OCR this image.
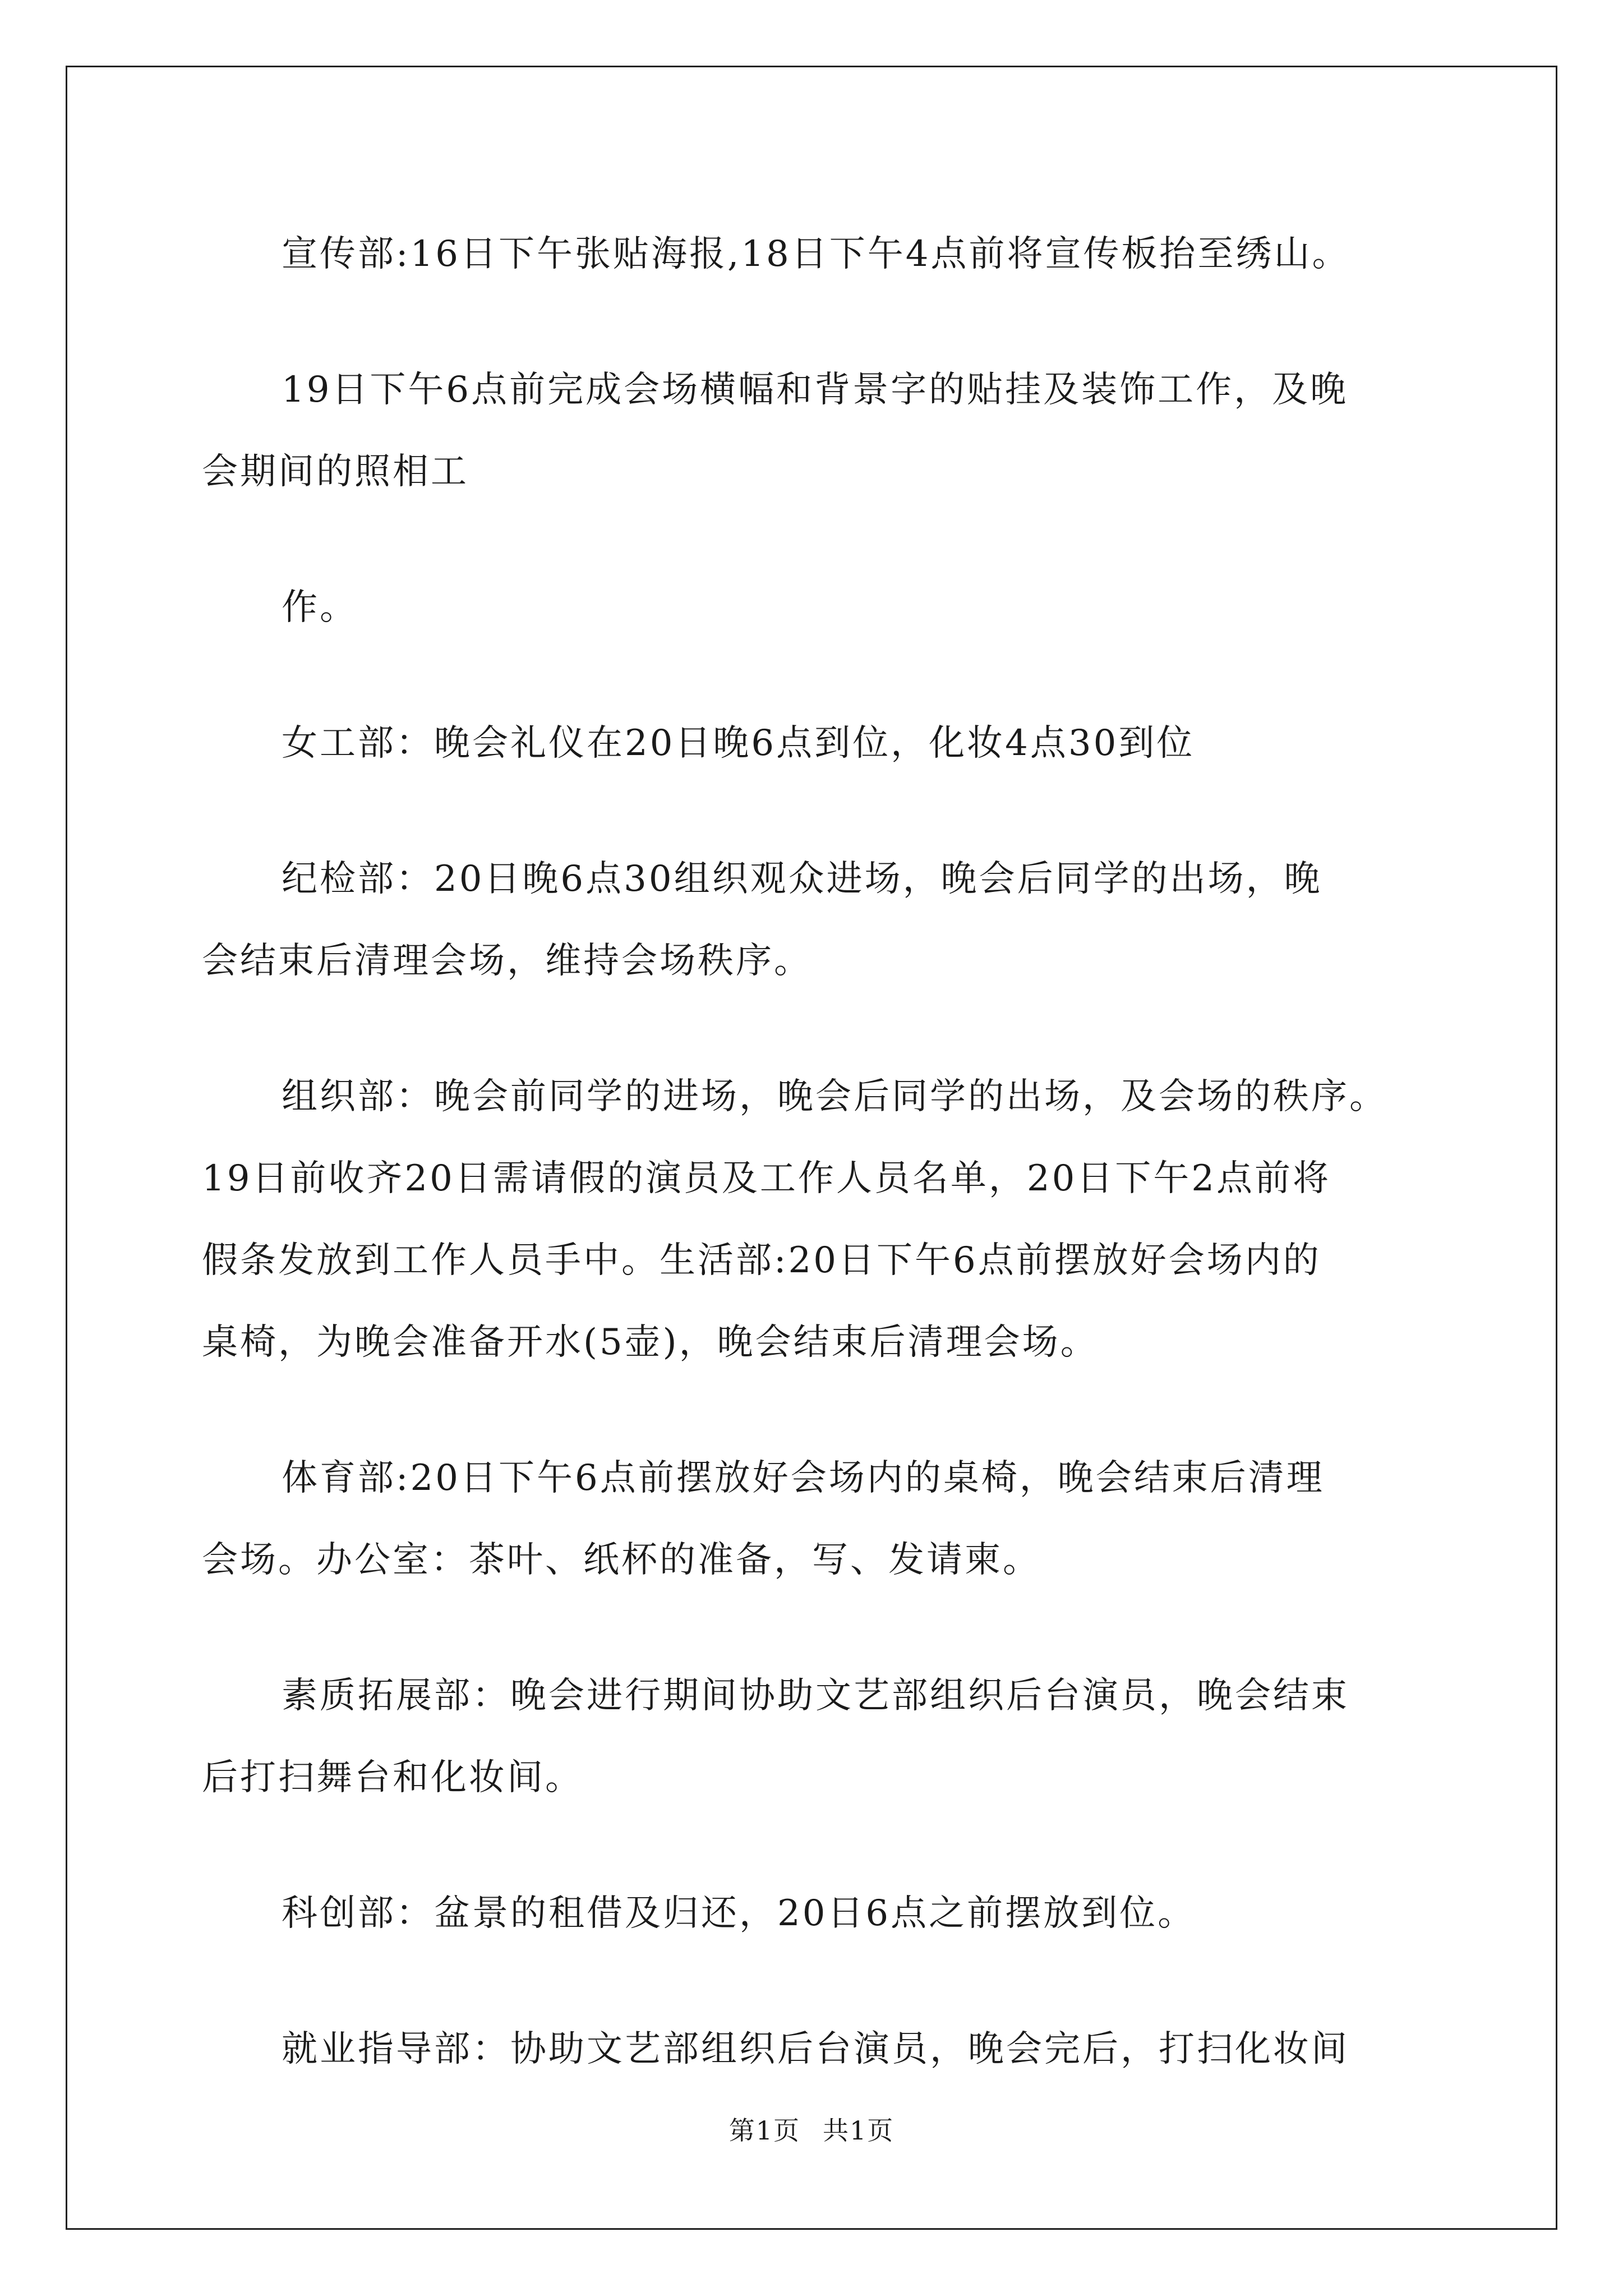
宣传部:16日下午张贴海报,18日下午4点前将宣传板抬至绣山。

19日下午6点前完成会场横幅和背景字的贴挂及装饰工作，及晚
会期间的照相工

作。

女工部：晚会礼仪在20日晚6点到位，化妆4点30到位

纪检部：20日晚6点30组织观众进场，晚会后同学的出场，晚
会结束后清理会场，维持会场秩序。

组织部：晚会前同学的进场，晚会后同学的出场，及会场的秩序。
19日前收齐20日需请假的演员及工作人员名单，20日下午2点前将
假条发放到工作人员手中。生活部:20日下午6点前摆放好会场内的
桌椅，为晚会准备开水(5壶)，晚会结束后清理会场。

体育部:20日下午6点前摆放好会场内的桌椅，晚会结束后清理
会场。办公室：茶叶、纸杯的准备，写、发请柬。

素质拓展部：晚会进行期间协助文艺部组织后台演员，晚会结束
后打扫舞台和化妆间。

科创部：盆景的租借及归还，20日6点之前摆放到位。

就业指导部：协助文艺部组织后台演员，晚会完后，打扫化妆间

第1页 共1页
